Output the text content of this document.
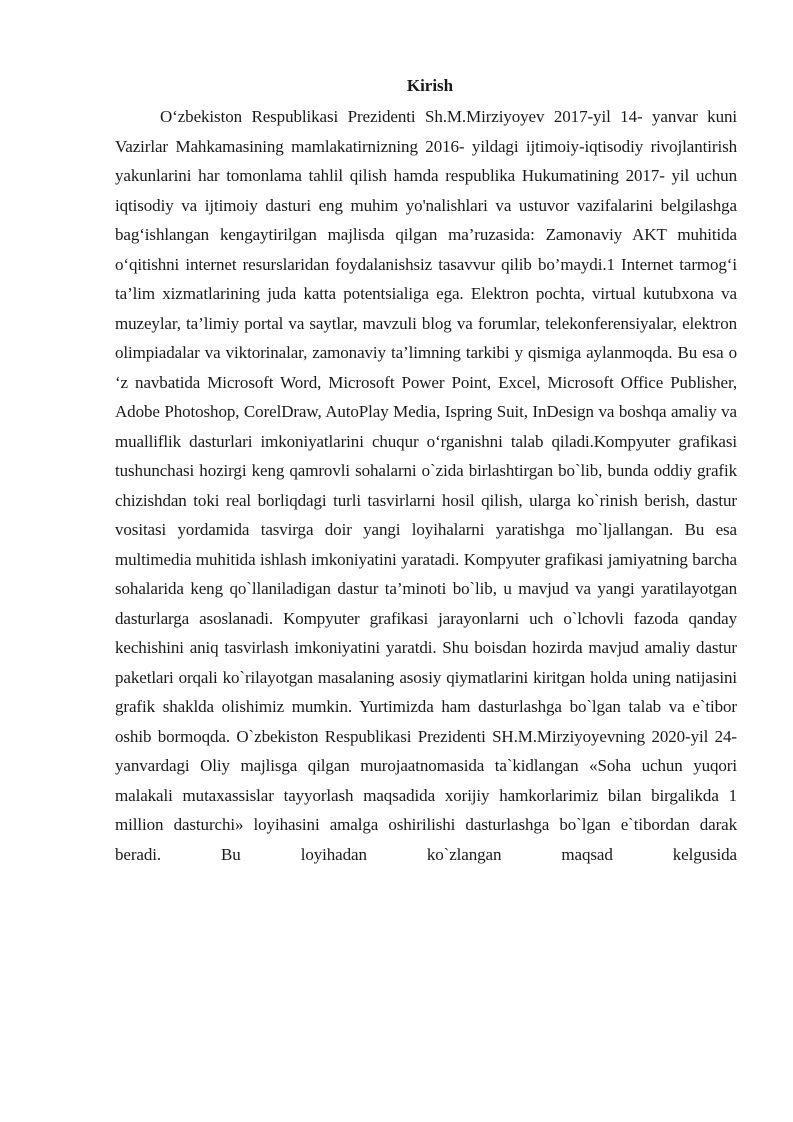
Kirish

O‘zbekiston Respublikasi Prezidenti Sh.M.Mirziyoyev 2017-yil 14- yanvar kuni Vazirlar Mahkamasining mamlakatirnizning 2016- yildagi ijtimoiy-iqtisodiy rivojlantirish yakunlarini har tomonlama tahlil qilish hamda respublika Hukumatining 2017- yil uchun iqtisodiy va ijtimoiy dasturi eng muhim yo'nalishlari va ustuvor vazifalarini belgilashga bag‘ishlangan kengaytirilgan majlisda qilgan ma’ruzasida: Zamonaviy AKT muhitida o‘qitishni internet resurslaridan foydalanishsiz tasavvur qilib bo’maydi.1 Internet tarmog‘i ta’lim xizmatlarining juda katta potentsialiga ega. Elektron pochta, virtual kutubxona va muzeylar, ta’limiy portal va saytlar, mavzuli blog va forumlar, telekonferensiyalar, elektron olimpiadalar va viktorinalar, zamonaviy ta’limning tarkibi y qismiga aylanmoqda. Bu esa o ‘z navbatida Microsoft Word, Microsoft Power Point, Excel, Microsoft Office Publisher, Adobe Photoshop, CorelDraw, AutoPlay Media, Ispring Suit, InDesign va boshqa amaliy va mualliflik dasturlari imkoniyatlarini chuqur o‘rganishni talab qiladi.Kompyuter grafikasi tushunchasi hozirgi keng qamrovli sohalarni o`zida birlashtirgan bo`lib, bunda oddiy grafik chizishdan toki real borliqdagi turli tasvirlarni hosil qilish, ularga ko`rinish berish, dastur vositasi yordamida tasvirga doir yangi loyihalarni yaratishga mo`ljallangan. Bu esa multimedia muhitida ishlash imkoniyatini yaratadi. Kompyuter grafikasi jamiyatning barcha sohalarida keng qo`llaniladigan dastur ta’minoti bo`lib, u mavjud va yangi yaratilayotgan dasturlarga asoslanadi. Kompyuter grafikasi jarayonlarni uch o`lchovli fazoda qanday kechishini aniq tasvirlash imkoniyatini yaratdi. Shu boisdan hozirda mavjud amaliy dastur paketlari orqali ko`rilayotgan masalaning asosiy qiymatlarini kiritgan holda uning natijasini grafik shaklda olishimiz mumkin. Yurtimizda ham dasturlashga bo`lgan talab va e`tibor oshib bormoqda. O`zbekiston Respublikasi Prezidenti SH.M.Mirziyoyevning 2020-yil 24-yanvardagi Oliy majlisga qilgan murojaatnomasida ta`kidlangan «Soha uchun yuqori malakali mutaxassislar tayyorlash maqsadida xorijiy hamkorlarimiz bilan birgalikda 1 million dasturchi» loyihasini amalga oshirilishi dasturlashga bo`lgan e`tibordan darak beradi. Bu loyihadan ko`zlangan maqsad kelgusida
